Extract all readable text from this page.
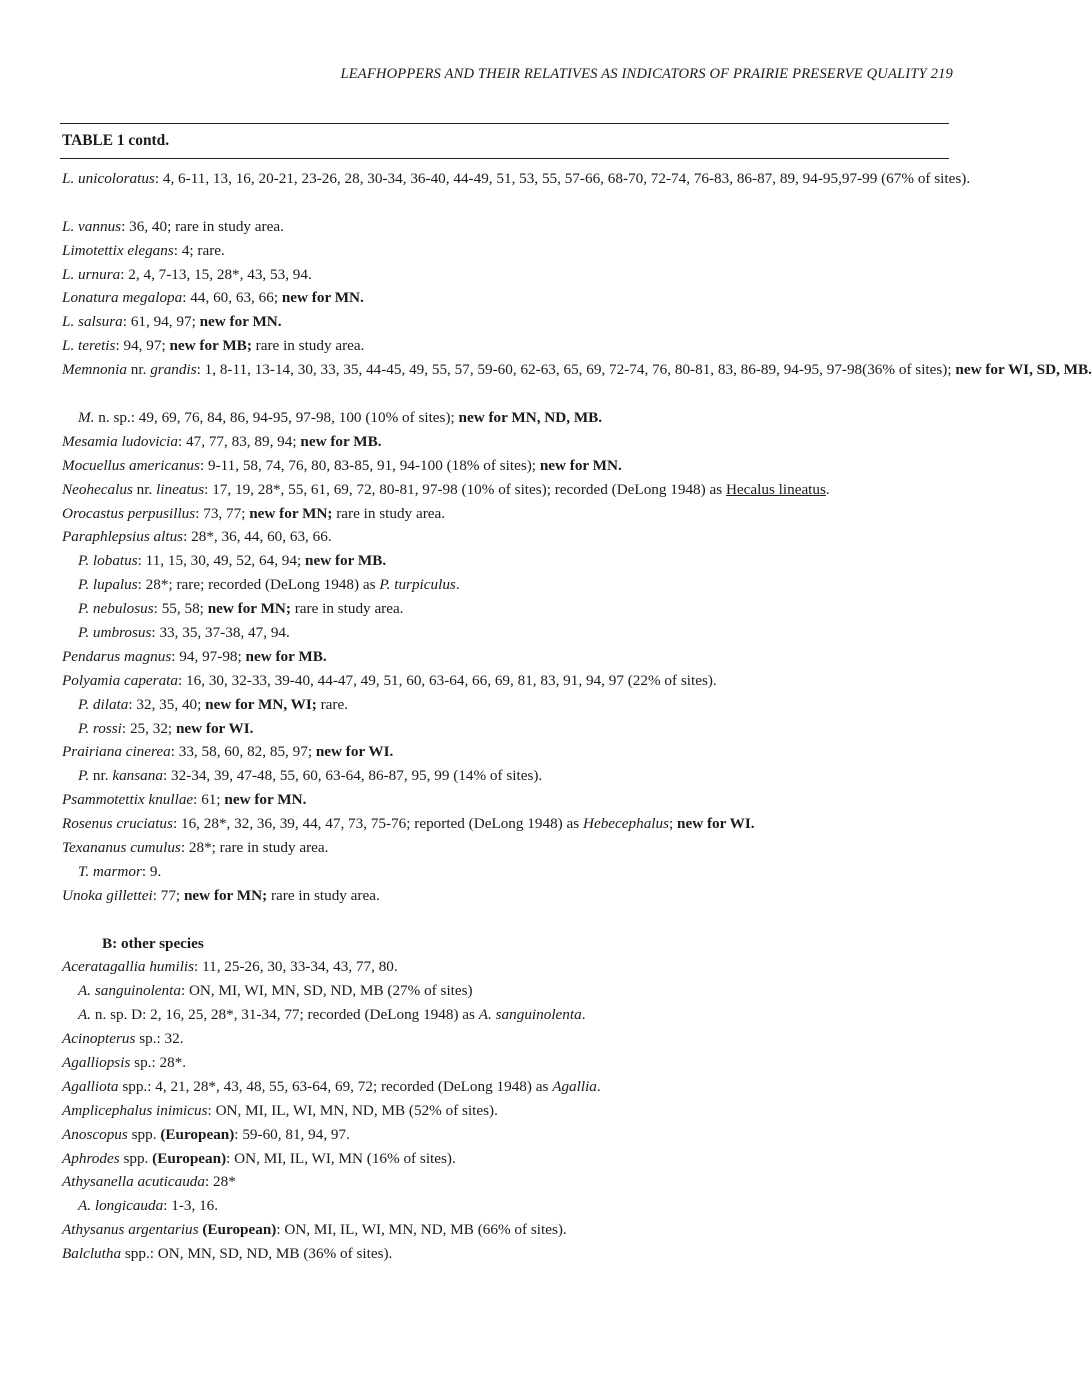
LEAFHOPPERS AND THEIR RELATIVES AS INDICATORS OF PRAIRIE PRESERVE QUALITY 219
TABLE 1 contd.
L. unicoloratus: 4, 6-11, 13, 16, 20-21, 23-26, 28, 30-34, 36-40, 44-49, 51, 53, 55, 57-66, 68-70, 72-74, 76-83, 86-87, 89, 94-95,97-99 (67% of sites).
L. vannus: 36, 40; rare in study area.
Limotettix elegans: 4; rare.
L. urnura: 2, 4, 7-13, 15, 28*, 43, 53, 94.
Lonatura megalopa: 44, 60, 63, 66; new for MN.
L. salsura: 61, 94, 97; new for MN.
L. teretis: 94, 97; new for MB; rare in study area.
Memnonia nr. grandis: 1, 8-11, 13-14, 30, 33, 35, 44-45, 49, 55, 57, 59-60, 62-63, 65, 69, 72-74, 76, 80-81, 83, 86-89, 94-95, 97-98(36% of sites); new for WI, SD, MB.
M. n. sp.: 49, 69, 76, 84, 86, 94-95, 97-98, 100 (10% of sites); new for MN, ND, MB.
Mesamia ludovicia: 47, 77, 83, 89, 94; new for MB.
Mocuellus americanus: 9-11, 58, 74, 76, 80, 83-85, 91, 94-100 (18% of sites); new for MN.
Neohecalus nr. lineatus: 17, 19, 28*, 55, 61, 69, 72, 80-81, 97-98 (10% of sites); recorded (DeLong 1948) as Hecalus lineatus.
Orocastus perpusillus: 73, 77; new for MN; rare in study area.
Paraphlepsius altus: 28*, 36, 44, 60, 63, 66.
P. lobatus: 11, 15, 30, 49, 52, 64, 94; new for MB.
P. lupalus: 28*; rare; recorded (DeLong 1948) as P. turpiculus.
P. nebulosus: 55, 58; new for MN; rare in study area.
P. umbrosus: 33, 35, 37-38, 47, 94.
Pendarus magnus: 94, 97-98; new for MB.
Polyamia caperata: 16, 30, 32-33, 39-40, 44-47, 49, 51, 60, 63-64, 66, 69, 81, 83, 91, 94, 97 (22% of sites).
P. dilata: 32, 35, 40; new for MN, WI; rare.
P. rossi: 25, 32; new for WI.
Prairiana cinerea: 33, 58, 60, 82, 85, 97; new for WI.
P. nr. kansana: 32-34, 39, 47-48, 55, 60, 63-64, 86-87, 95, 99 (14% of sites).
Psammotettix knullae: 61; new for MN.
Rosenus cruciatus: 16, 28*, 32, 36, 39, 44, 47, 73, 75-76; reported (DeLong 1948) as Hebecephalus; new for WI.
Texananus cumulus: 28*; rare in study area.
T. marmor: 9.
Unoka gillettei: 77; new for MN; rare in study area.
B: other species
Aceratagallia humilis: 11, 25-26, 30, 33-34, 43, 77, 80.
A. sanguinolenta: ON, MI, WI, MN, SD, ND, MB (27% of sites)
A. n. sp. D: 2, 16, 25, 28*, 31-34, 77; recorded (DeLong 1948) as A. sanguinolenta.
Acinopterus sp.: 32.
Agalliopsis sp.: 28*.
Agalliota spp.: 4, 21, 28*, 43, 48, 55, 63-64, 69, 72; recorded (DeLong 1948) as Agallia.
Amplicephalus inimicus: ON, MI, IL, WI, MN, ND, MB (52% of sites).
Anoscopus spp. (European): 59-60, 81, 94, 97.
Aphrodes spp. (European): ON, MI, IL, WI, MN (16% of sites).
Athysanella acuticauda: 28*
A. longicauda: 1-3, 16.
Athysanus argentarius (European): ON, MI, IL, WI, MN, ND, MB (66% of sites).
Balclutha spp.: ON, MN, SD, ND, MB (36% of sites).
